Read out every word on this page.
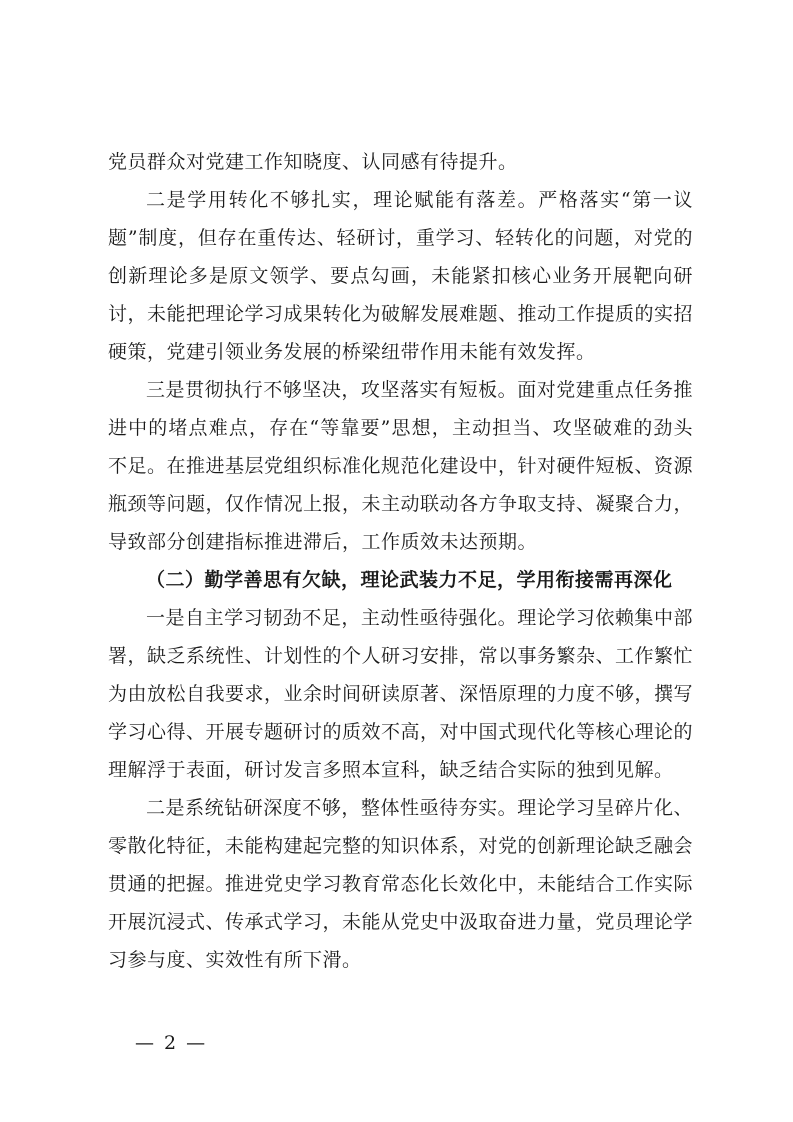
党员群众对党建工作知晓度、认同感有待提升。

二是学用转化不够扎实，理论赋能有落差。严格落实“第一议题”制度，但存在重传达、轻研讨，重学习、轻转化的问题，对党的创新理论多是原文领学、要点勾画，未能紧扣核心业务开展靶向研讨，未能把理论学习成果转化为破解发展难题、推动工作提质的实招硬策，党建引领业务发展的桥梁纽带作用未能有效发挥。

三是贯彻执行不够坚决，攻坚落实有短板。面对党建重点任务推进中的堵点难点，存在“等靠要”思想，主动担当、攻坚破难的劲头不足。在推进基层党组织标准化规范化建设中，针对硬件短板、资源瓶颈等问题，仅作情况上报，未主动联动各方争取支持、凝聚合力，导致部分创建指标推进滞后，工作质效未达预期。

（二）勤学善思有欠缺，理论武装力不足，学用衔接需再深化

一是自主学习韧劲不足，主动性亟待强化。理论学习依赖集中部署，缺乏系统性、计划性的个人研习安排，常以事务繁杂、工作繁忙为由放松自我要求，业余时间研读原著、深悟原理的力度不够，撰写学习心得、开展专题研讨的质效不高，对中国式现代化等核心理论的理解浮于表面，研讨发言多照本宣科，缺乏结合实际的独到见解。

二是系统钻研深度不够，整体性亟待夯实。理论学习呈碎片化、零散化特征，未能构建起完整的知识体系，对党的创新理论缺乏融会贯通的把握。推进党史学习教育常态化长效化中，未能结合工作实际开展沉浸式、传承式学习，未能从党史中汲取奋进力量，党员理论学习参与度、实效性有所下滑。

— 2 —
